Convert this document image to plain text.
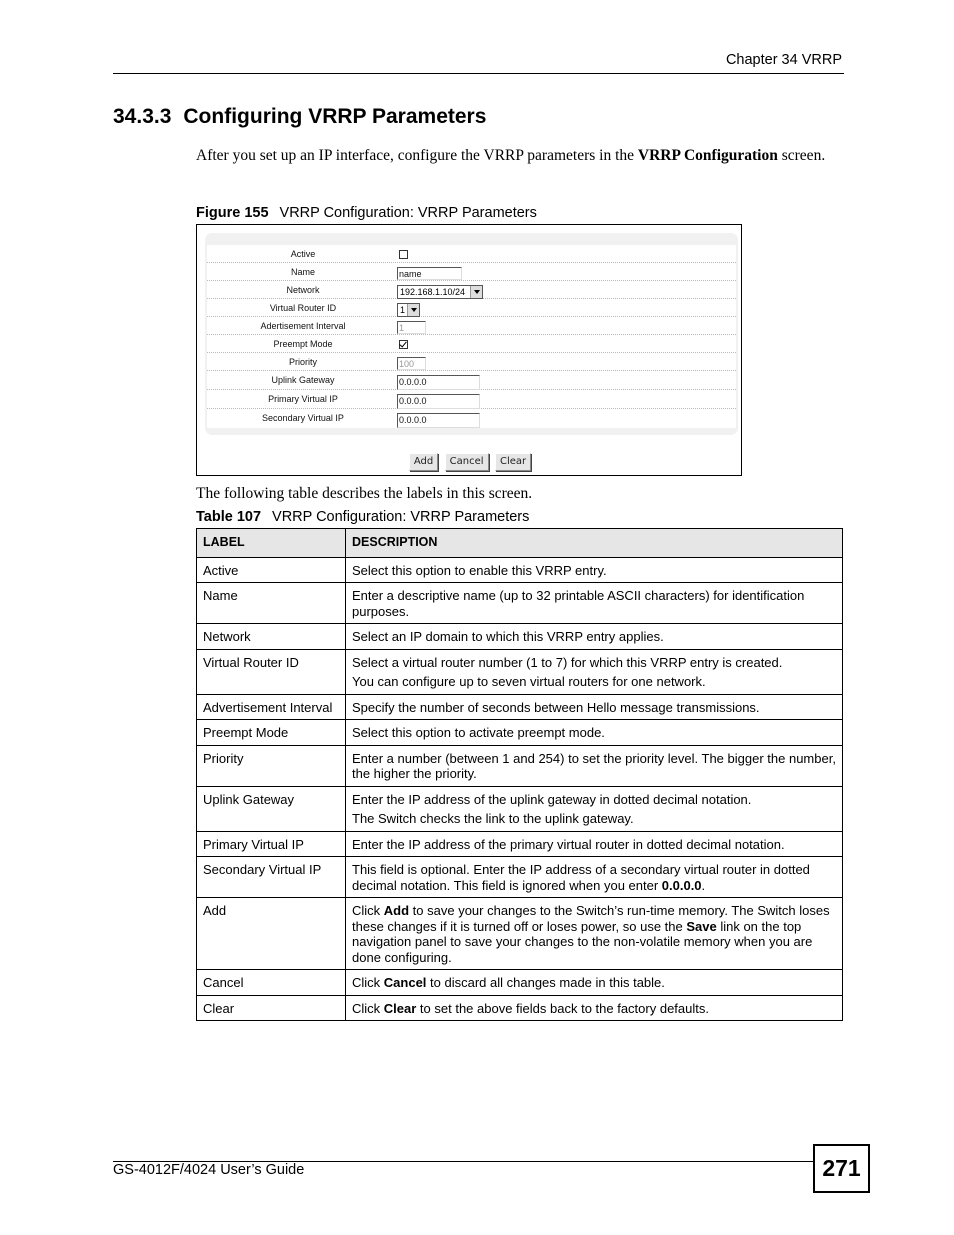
Chapter 34 VRRP
34.3.3 Configuring VRRP Parameters
After you set up an IP interface, configure the VRRP parameters in the VRRP Configuration screen.
Figure 155 VRRP Configuration: VRRP Parameters
Active
Name	name
Network	192.168.1.10/24
Virtual Router ID	1
Adertisement Interval	1
Preempt Mode
Priority	100
Uplink Gateway	0.0.0.0
Primary Virtual IP	0.0.0.0
Secondary Virtual IP	0.0.0.0
Add Cancel Clear
The following table describes the labels in this screen.
Table 107 VRRP Configuration: VRRP Parameters
LABEL	DESCRIPTION
Active	Select this option to enable this VRRP entry.
Name	Enter a descriptive name (up to 32 printable ASCII characters) for identification purposes.
Network	Select an IP domain to which this VRRP entry applies.
Virtual Router ID	Select a virtual router number (1 to 7) for which this VRRP entry is created.

You can configure up to seven virtual routers for one network.

Advertisement Interval	Specify the number of seconds between Hello message transmissions.
Preempt Mode	Select this option to activate preempt mode.
Priority	Enter a number (between 1 and 254) to set the priority level. The bigger the number, the higher the priority.
Uplink Gateway	Enter the IP address of the uplink gateway in dotted decimal notation.

The Switch checks the link to the uplink gateway.

Primary Virtual IP	Enter the IP address of the primary virtual router in dotted decimal notation.
Secondary Virtual IP	This field is optional. Enter the IP address of a secondary virtual router in dotted decimal notation. This field is ignored when you enter 0.0.0.0.
Add	Click Add to save your changes to the Switch’s run-time memory. The Switch loses these changes if it is turned off or loses power, so use the Save link on the top navigation panel to save your changes to the non-volatile memory when you are done configuring.
Cancel	Click Cancel to discard all changes made in this table.
Clear	Click Clear to set the above fields back to the factory defaults.
GS-4012F/4024 User’s Guide	271
